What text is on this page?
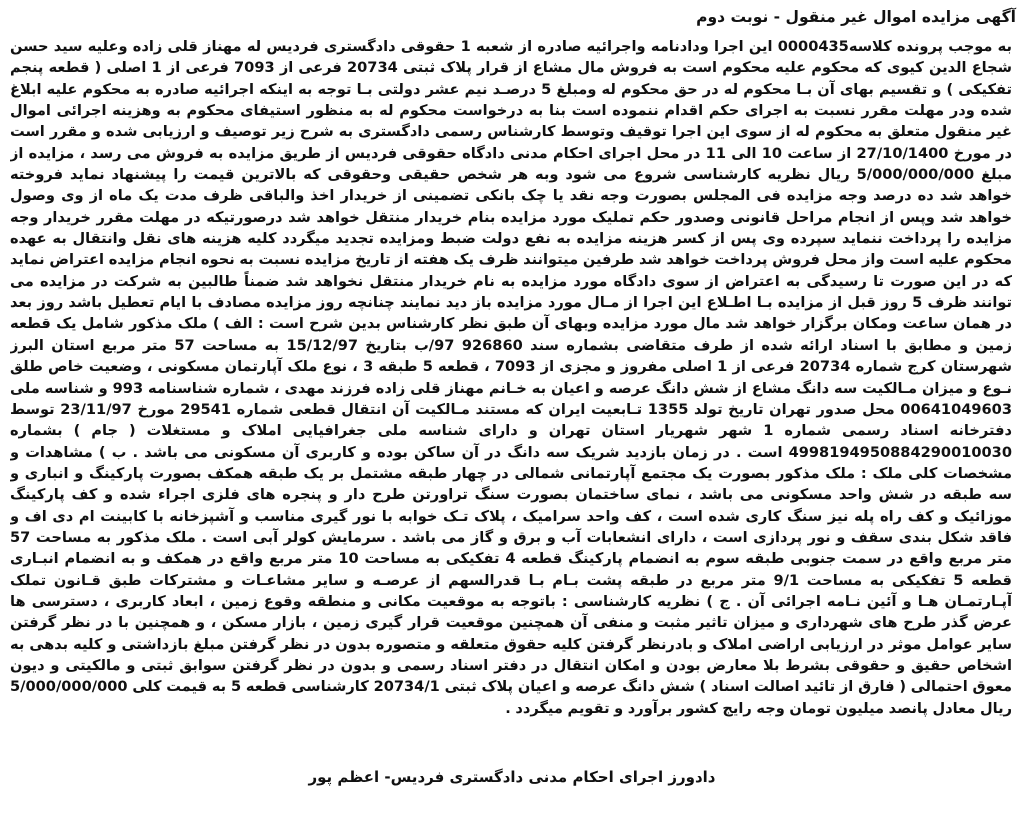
آگهی مزایده اموال غیر منقول - نوبت دوم
به موجب پرونده کلاسه0000435 این اجرا ودادنامه واجرائیه صادره از شعبه 1 حقوقی دادگستری فردیس له مهناز قلی زاده وعلیه سید حسن شجاع الدین کیوی که محکوم علیه محکوم است به فروش مال مشاع از قرار پلاک ثبتی 20734 فرعی از 7093 فرعی از 1 اصلی ( قطعه پنجم تفکیکی ) و تقسیم بهای آن بـا محکوم له در حق محکوم له ومبلغ 5 درصـد نیم عشر دولتی بـا توجه به اینکه اجرائیه صادره به محکوم علیه ابلاغ شده ودر مهلت مقرر نسبت به اجرای حکم اقدام ننموده است بنا به درخواست محکوم له به منظور استیفای محکوم به وهزینه اجرائی اموال غیر منقول متعلق به محکوم له از سوی این اجرا توقیف وتوسط کارشناس رسمی دادگستری به شرح زیر توصیف و ارزیابی شده و مقرر است در مورخ 27/10/1400 از ساعت 10 الی 11 در محل اجرای احکام مدنی دادگاه حقوقی فردیس از طریق مزایده به فروش می رسد ، مزایده از مبلغ 5/000/000/000 ریال نظریه کارشناسی شروع می شود وبه هر شخص حقیقی وحقوقی که بالاترین قیمت را پیشنهاد نماید فروخته خواهد شد ده درصد وجه مزایده فی المجلس بصورت وجه نقد یا چک بانکی تضمینی از خریدار اخذ والباقی ظرف مدت یک ماه از وی وصول خواهد شد وپس از انجام مراحل قانونی وصدور حکم تملیک مورد مزایده بنام خریدار منتقل خواهد شد درصورتیکه در مهلت مقرر خریدار وجه مزایده را پرداخت ننماید سپرده وی پس از کسر هزینه مزایده به نفع دولت ضبط ومزایده تجدید میگردد کلیه هزینه های نقل وانتقال به عهده محکوم علیه است واز محل فروش پرداخت خواهد شد طرفین میتوانند ظرف یک هفته از تاریخ مزایده نسبت به نحوه انجام مزایده اعتراض نماید که در این صورت تا رسیدگی به اعتراض از سوی دادگاه مورد مزایده به نام خریدار منتقل نخواهد شد ضمناً طالبین به شرکت در مزایده می توانند ظرف 5 روز قبل از مزایده بـا اطـلاع این اجرا از مـال مورد مزایده باز دید نمایند چنانچه روز مزایده مصادف با ایام تعطیل باشد روز بعد در همان ساعت ومکان برگزار خواهد شد مال مورد مزایده وبهای آن طبق نظر کارشناس بدین شرح است : الف ) ملک مذکور شامل یک قطعه زمین و مطابق با اسناد ارائه شده از طرف متقاضی بشماره سند 926860 97/ب بتاریخ 15/12/97 به مساحت 57 متر مربع استان البرز شهرستان کرج شماره 20734 فرعی از 1 اصلی مفروز و مجزی از 7093 ، قطعه 5 طبقه 3 ، نوع ملک آپارتمان مسکونی ، وضعیت خاص طلق نـوع و میزان مـالکیت سه دانگ مشاع از شش دانگ عرصه و اعیان به خـانم مهناز قلی زاده فرزند مهدی ، شماره شناسنامه 993 و شناسه ملی 00641049603 محل صدور تهران تاریخ تولد 1355 تـابعیت ایران که مستند مـالکیت آن انتقال قطعی شماره 29541 مورخ 23/11/97 توسط دفترخانه اسناد رسمی شماره 1 شهر شهریار استان تهران و دارای شناسه ملی جغرافیایی املاک و مستغلات ( جام ) بشماره 4998194950884290010030 است . در زمان بازدید شریک سه دانگ در آن ساکن بوده و کاربری آن مسکونی می باشد . ب ) مشاهدات و مشخصات کلی ملک : ملک مذکور بصورت یک مجتمع آپارتمانی شمالی در چهار طبقه مشتمل بر یک طبقه همکف بصورت پارکینگ و انباری و سه طبقه در شش واحد مسکونی می باشد ، نمای ساختمان بصورت سنگ تراورتن طرح دار و پنجره های فلزی اجراء شده و کف پارکینگ موزائیک و کف راه پله نیز سنگ کاری شده است ، کف واحد سرامیک ، پلاک تـک خوابه با نور گیری مناسب و آشپزخانه با کابینت ام دی اف و فاقد شکل بندی سقف و نور پردازی است ، دارای انشعابات آب و برق و گاز می باشد . سرمایش کولر آبی است . ملک مذکور به مساحت 57 متر مربع واقع در سمت جنوبی طبقه سوم به انضمام پارکینگ قطعه 4 تفکیکی به مساحت 10 متر مربع واقع در همکف و به انضمام انبـاری قطعه 5 تفکیکی به مساحت 9/1 متر مربع در طبقه پشت بـام بـا قدرالسهم از عرصـه و سایر مشاعـات و مشترکات طبق قـانون تملک آپـارتمـان هـا و آئین نـامه اجرائی آن . ج ) نظریه کارشناسی : باتوجه به موقعیت مکانی و منطقه وقوع زمین ، ابعاد کاربری ، دسترسی ها عرض گذر طرح های شهرداری و میزان تاثیر مثبت و منفی آن همچنین موقعیت قرار گیری زمین ، بازار مسکن ، و همچنین با در نظر گرفتن سایر عوامل موثر در ارزیابی اراضی املاک و بادرنظر گرفتن کلیه حقوق متعلقه و متصوره بدون در نظر گرفتن مبلغ بازداشتی و کلیه بدهی به اشخاص حقیق و حقوقی بشرط بلا معارض بودن و امکان انتقال در دفتر اسناد رسمی و بدون در نظر گرفتن سوابق ثبتی و مالکیتی و دیون معوق احتمالی ( فارق از تائید اصالت اسناد ) شش دانگ عرصه و اعیان پلاک ثبتی 20734/1 کارشناسی قطعه 5 به قیمت کلی 5/000/000/000 ریال معادل پانصد میلیون تومان وجه رایج کشور برآورد و تقویم میگردد .
دادورز اجرای احکام مدنی دادگستری فردیس- اعظم پور
